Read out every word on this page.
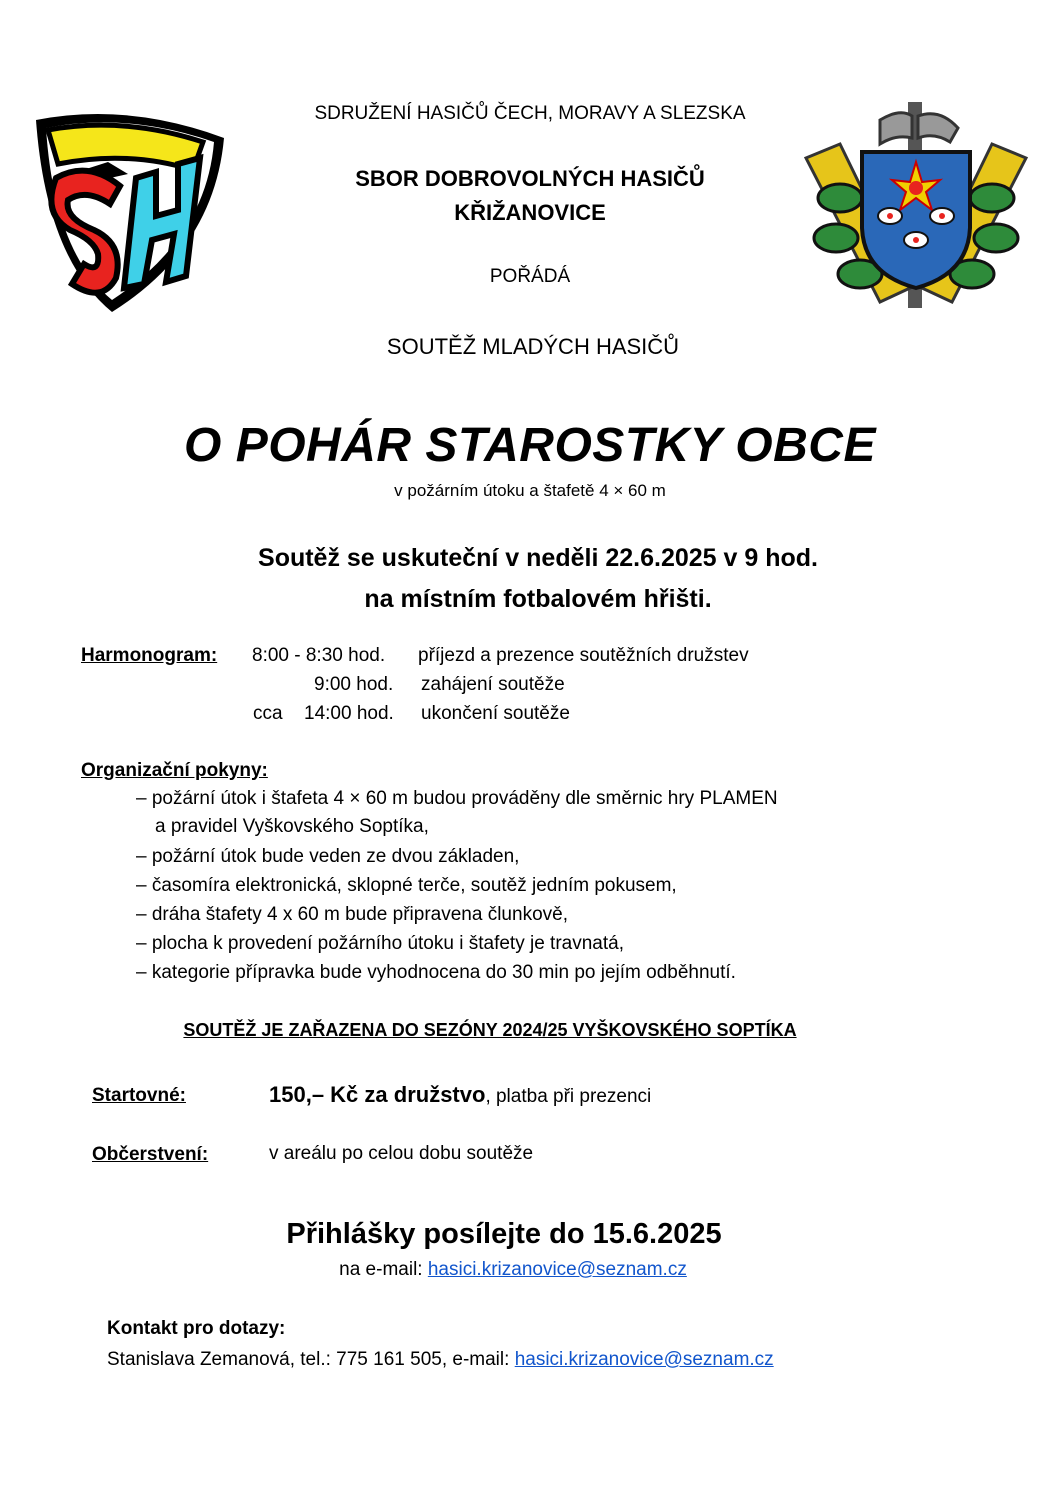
SDRUŽENÍ HASIČŮ ČECH, MORAVY A SLEZSKA
SBOR DOBROVOLNÝCH HASIČŮ
KŘIŽANOVICE
POŘÁDÁ
SOUTĚŽ MLADÝCH HASIČŮ
O POHÁR STAROSTKY OBCE
v požárním útoku a štafetě 4 × 60 m
Soutěž se uskuteční v neděli 22.6.2025 v 9 hod.
na místním fotbalovém hřišti.
Harmonogram: 8:00 - 8:30 hod. příjezd a prezence soutěžních družstev
9:00 hod. zahájení soutěže
cca 14:00 hod. ukončení soutěže
Organizační pokyny:
– požární útok i štafeta 4 × 60 m budou prováděny dle směrnic hry PLAMEN
a pravidel Vyškovského Soptíka,
– požární útok bude veden ze dvou základen,
– časomíra elektronická, sklopné terče, soutěž jedním pokusem,
– dráha štafety 4 x 60 m bude připravena člunkově,
– plocha k provedení požárního útoku i štafety je travnatá,
– kategorie přípravka bude vyhodnocena do 30 min po jejím odběhnutí.
SOUTĚŽ JE ZAŘAZENA DO SEZÓNY 2024/25 VYŠKOVSKÉHO SOPTÍKA
Startovné:	150,– Kč za družstvo, platba při prezenci
Občerstvení:	v areálu po celou dobu soutěže
Přihlášky posílejte do 15.6.2025
na e-mail: hasici.krizanovice@seznam.cz
Kontakt pro dotazy:
Stanislava Zemanová, tel.: 775 161 505, e-mail: hasici.krizanovice@seznam.cz
